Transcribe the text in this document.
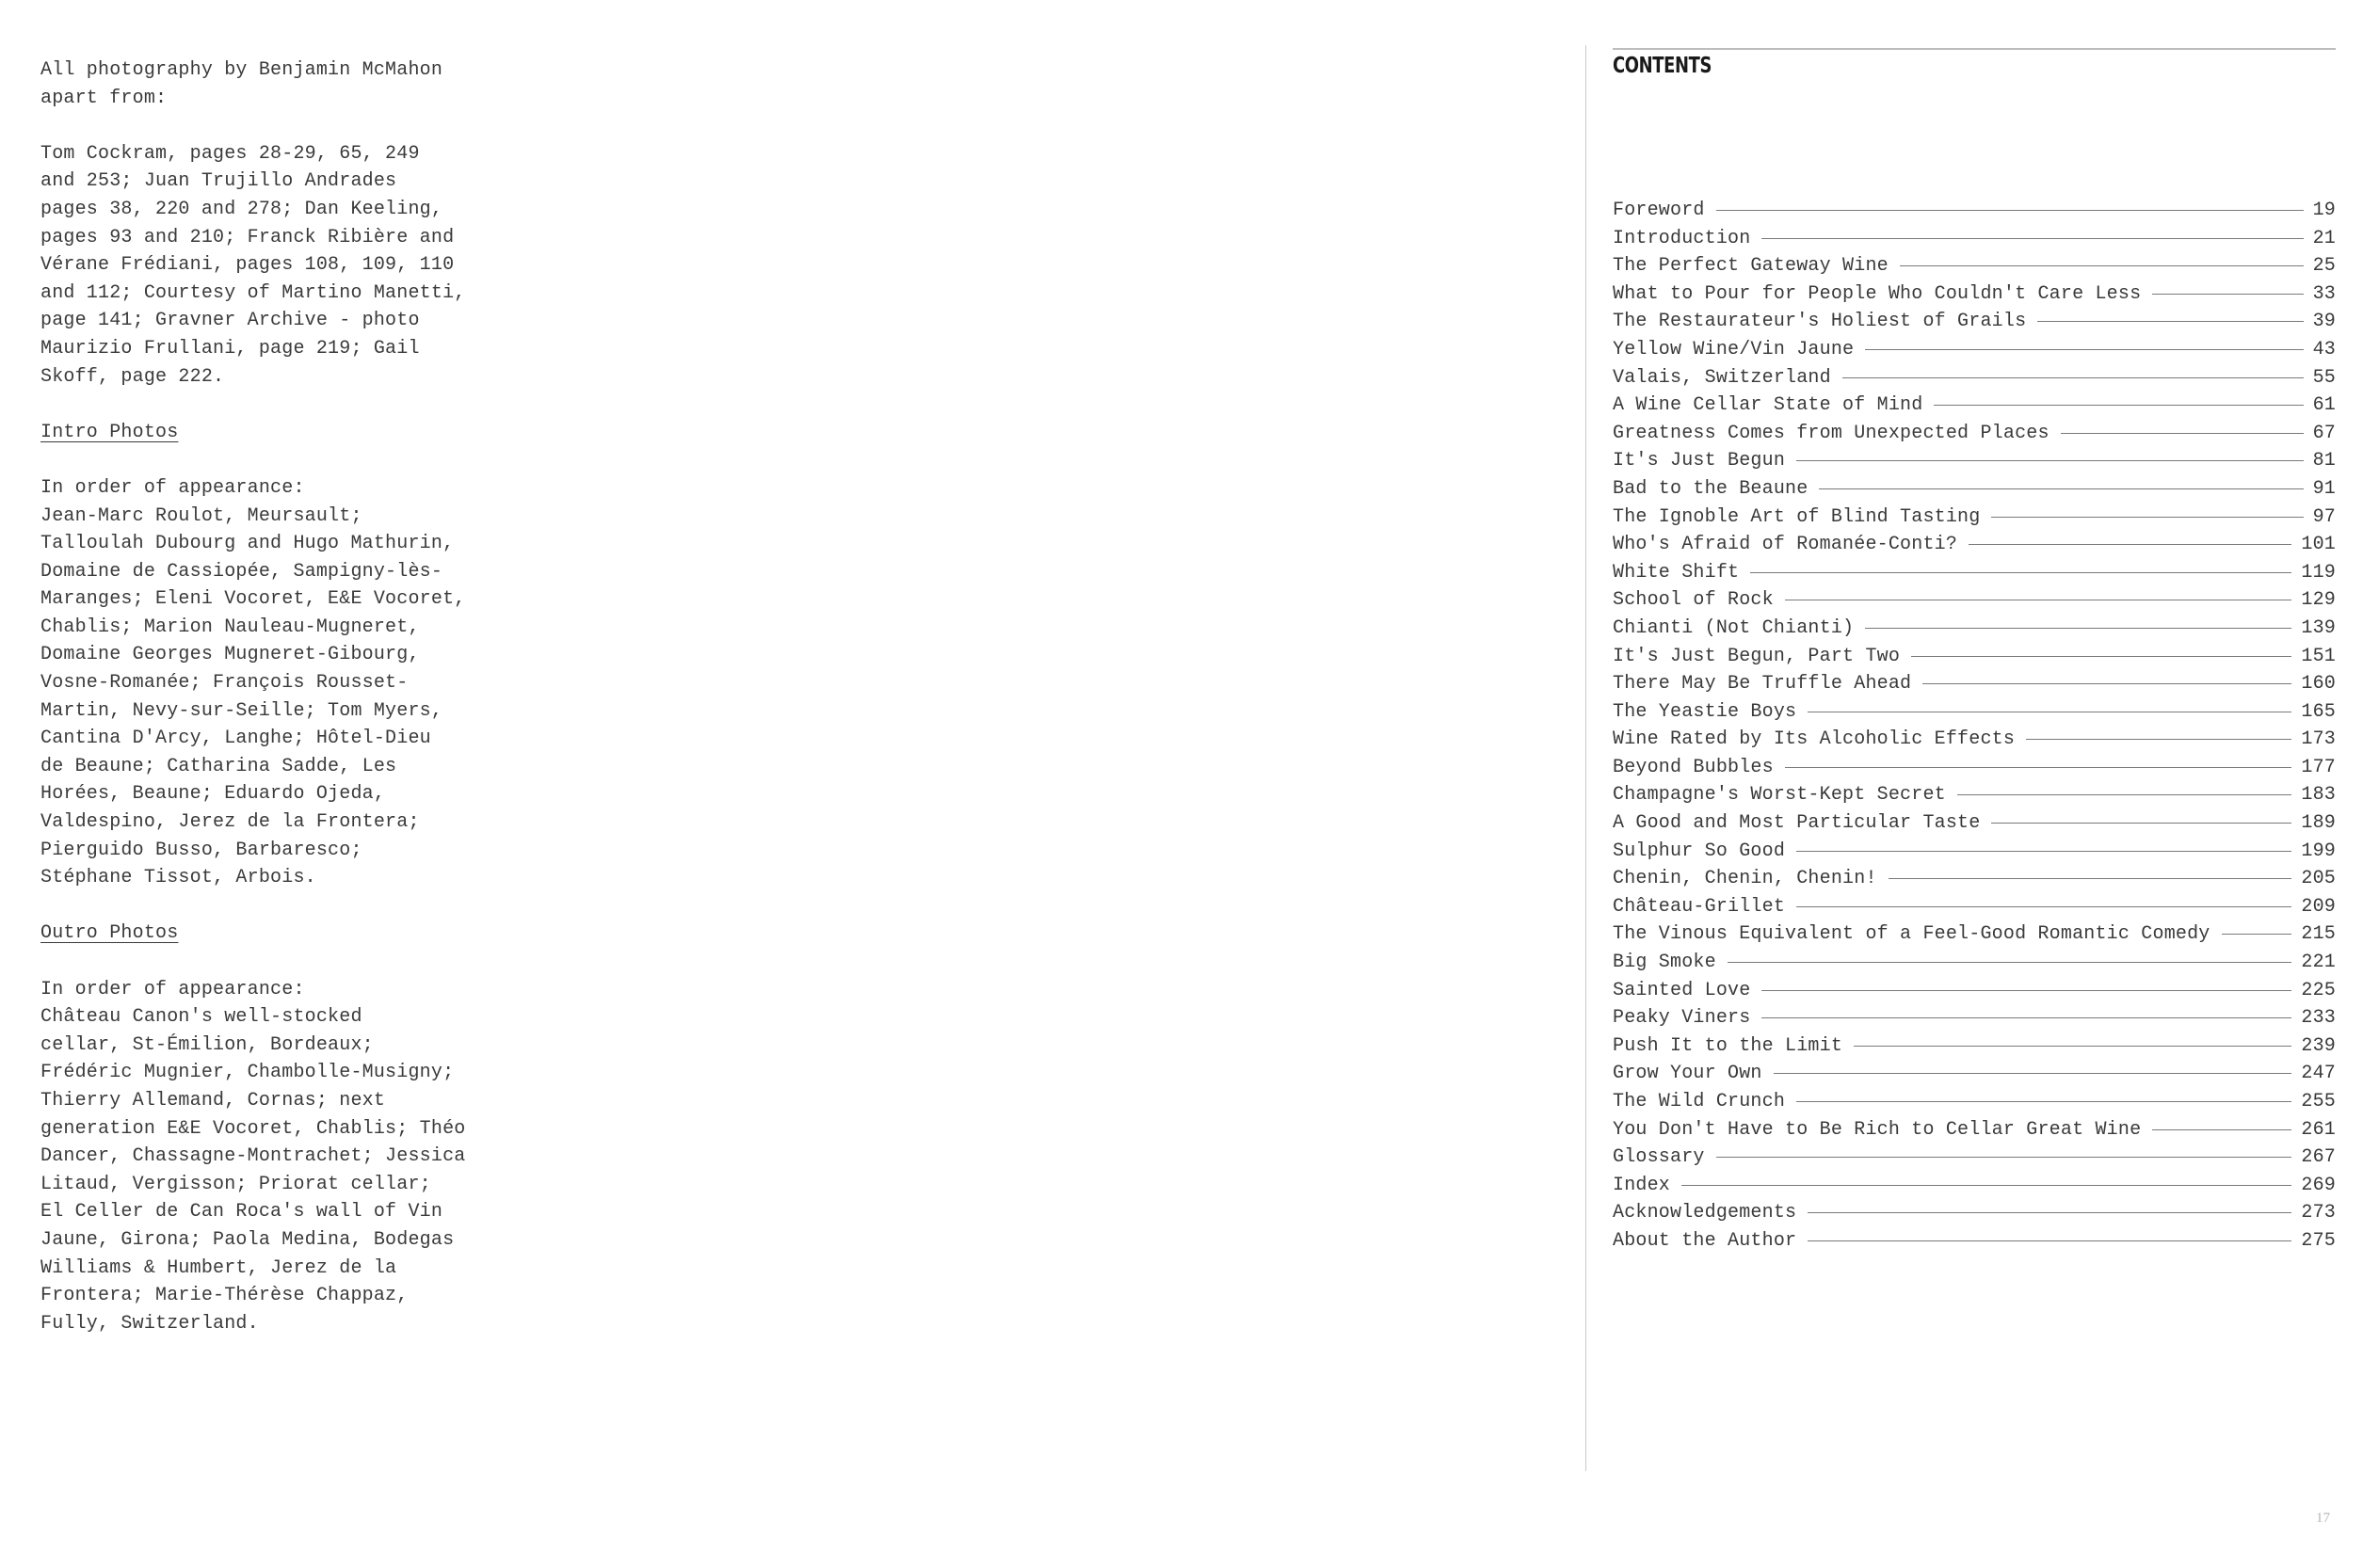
All photography by Benjamin McMahon

apart from:

Tom Cockram, pages 28-29, 65, 249

and 253; Juan Trujillo Andrades

pages 38, 220 and 278; Dan Keeling,

pages 93 and 210; Franck Ribière and

Vérane Frédiani, pages 108, 109, 110

and 112; Courtesy of Martino Manetti,

page 141; Gravner Archive - photo

Maurizio Frullani, page 219; Gail

Skoff, page 222.

Intro Photos

In order of appearance:

Jean-Marc Roulot, Meursault;

Talloulah Dubourg and Hugo Mathurin,

Domaine de Cassiopée, Sampigny-lès-

Maranges; Eleni Vocoret, E&E Vocoret,

Chablis; Marion Nauleau-Mugneret,

Domaine Georges Mugneret-Gibourg,

Vosne-Romanée; François Rousset-

Martin, Nevy-sur-Seille; Tom Myers,

Cantina D'Arcy, Langhe; Hôtel-Dieu

de Beaune; Catharina Sadde, Les

Horées, Beaune; Eduardo Ojeda,

Valdespino, Jerez de la Frontera;

Pierguido Busso, Barbaresco;

Stéphane Tissot, Arbois.

Outro Photos

In order of appearance:

Château Canon's well-stocked

cellar, St-Émilion, Bordeaux;

Frédéric Mugnier, Chambolle-Musigny;

Thierry Allemand, Cornas; next

generation E&E Vocoret, Chablis; Théo

Dancer, Chassagne-Montrachet; Jessica

Litaud, Vergisson; Priorat cellar;

El Celler de Can Roca's wall of Vin

Jaune, Girona; Paola Medina, Bodegas

Williams & Humbert, Jerez de la

Frontera; Marie-Thérèse Chappaz,

Fully, Switzerland.

CONTENTS
Foreword	19
Introduction	21
The Perfect Gateway Wine	25
What to Pour for People Who Couldn't Care Less	33
The Restaurateur's Holiest of Grails	39
Yellow Wine/Vin Jaune	43
Valais, Switzerland	55
A Wine Cellar State of Mind	61
Greatness Comes from Unexpected Places	67
It's Just Begun	81
Bad to the Beaune	91
The Ignoble Art of Blind Tasting	97
Who's Afraid of Romanée-Conti?	101
White Shift	119
School of Rock	129
Chianti (Not Chianti)	139
It's Just Begun, Part Two	151
There May Be Truffle Ahead	160
The Yeastie Boys	165
Wine Rated by Its Alcoholic Effects	173
Beyond Bubbles	177
Champagne's Worst-Kept Secret	183
A Good and Most Particular Taste	189
Sulphur So Good	199
Chenin, Chenin, Chenin!	205
Château-Grillet	209
The Vinous Equivalent of a Feel-Good Romantic Comedy	215
Big Smoke	221
Sainted Love	225
Peaky Viners	233
Push It to the Limit	239
Grow Your Own	247
The Wild Crunch	255
You Don't Have to Be Rich to Cellar Great Wine	261
Glossary	267
Index	269
Acknowledgements	273
About the Author	275
17
